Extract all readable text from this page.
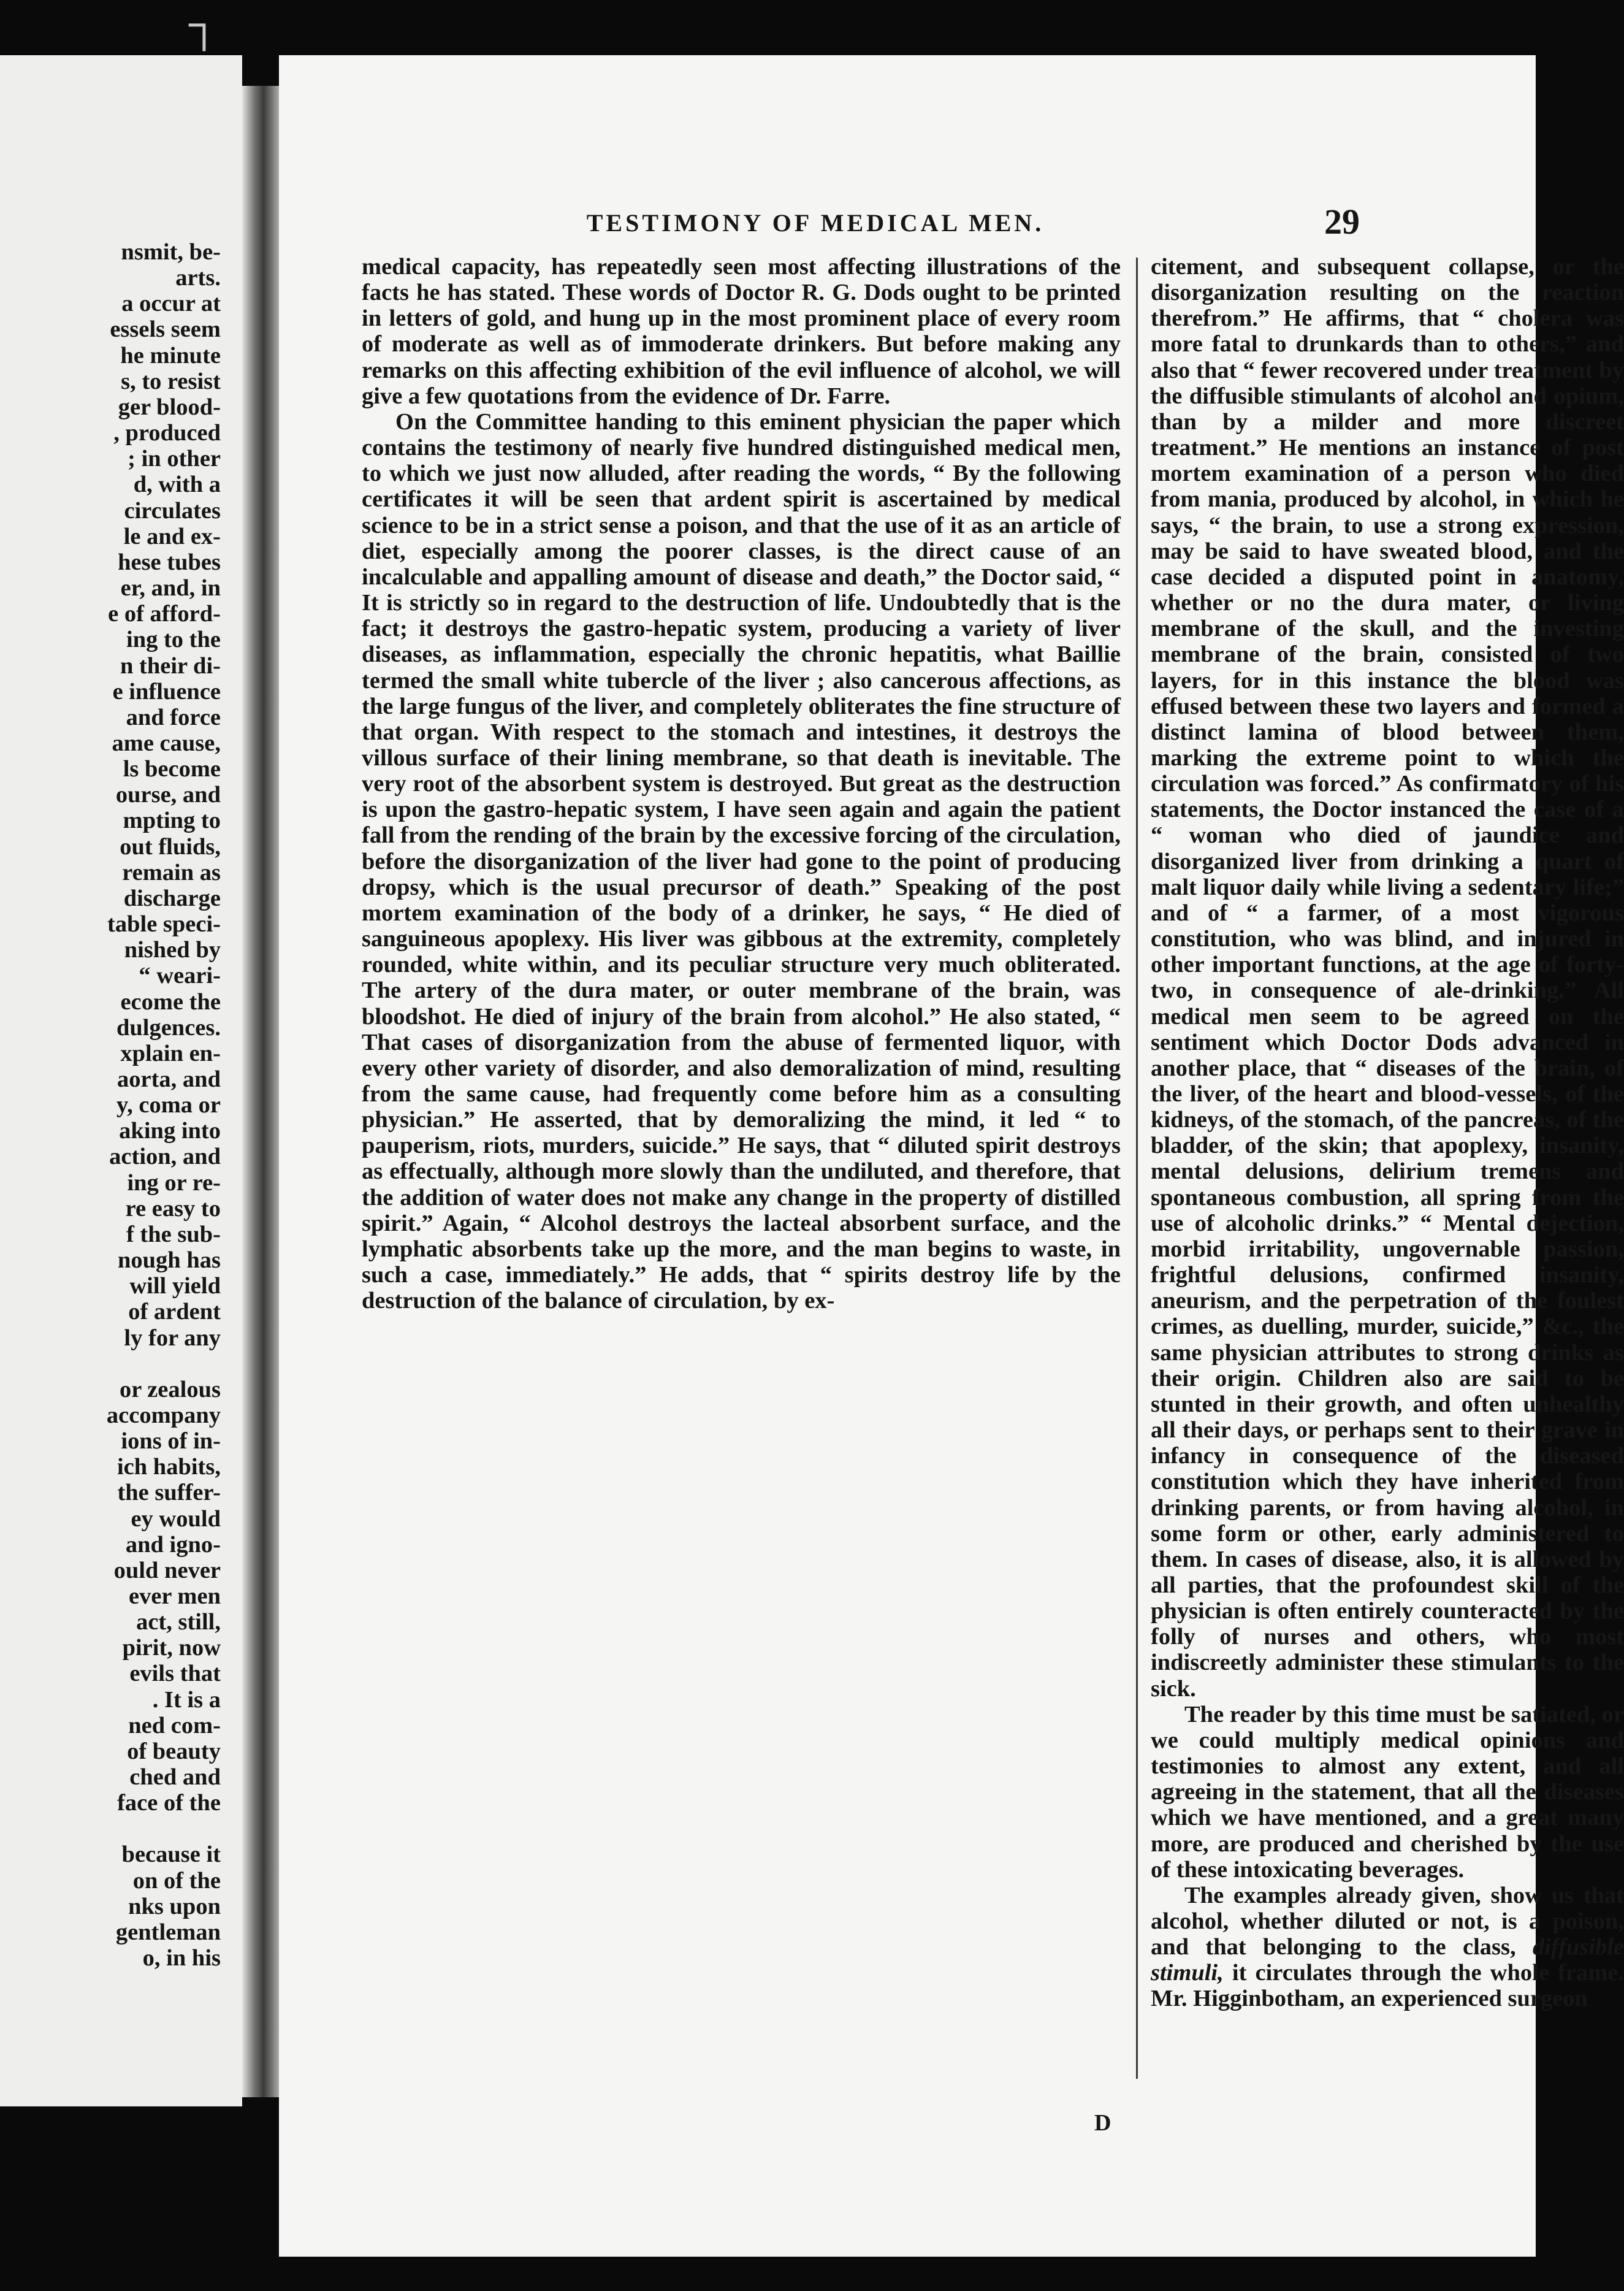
┐
nsmit, be-
arts.
a occur at
essels seem
he minute
s, to resist
ger blood-
, produced
; in other
d, with a
circulates
le and ex-
hese tubes
er, and, in
e of afford-
ing to the
n their di-
e influence
and force
ame cause,
ls become
ourse, and
mpting to
out fluids,
remain as
discharge
table speci-
nished by
“ weari-
ecome the
dulgences.
xplain en-
aorta, and
y, coma or
aking into
action, and
ing or re-
re easy to
f the sub-
nough has
will yield
of ardent
ly for any
or zealous
accompany
ions of in-
ich habits,
the suffer-
ey would
and igno-
ould never
ever men
act, still,
pirit, now
evils that
. It is a
ned com-
of beauty
ched and
face of the
because it
on of the
nks upon
gentleman
o, in his
TESTIMONY OF MEDICAL MEN.	29

medical capacity, has repeatedly seen most affecting illustrations of the facts he has stated. These words of Doctor R. G. Dods ought to be printed in letters of gold, and hung up in the most prominent place of every room of moderate as well as of immoderate drinkers. But before making any remarks on this affecting exhibition of the evil influence of alcohol, we will give a few quotations from the evidence of Dr. Farre.

On the Committee handing to this eminent physician the paper which contains the testimony of nearly five hundred distinguished medical men, to which we just now alluded, after reading the words, “ By the following certificates it will be seen that ardent spirit is ascertained by medical science to be in a strict sense a poison, and that the use of it as an article of diet, especially among the poorer classes, is the direct cause of an incalculable and appalling amount of disease and death,” the Doctor said, “ It is strictly so in regard to the destruction of life. Undoubtedly that is the fact; it destroys the gastro-hepatic system, producing a variety of liver diseases, as inflammation, especially the chronic hepatitis, what Baillie termed the small white tubercle of the liver ; also cancerous affections, as the large fungus of the liver, and completely obliterates the fine structure of that organ. With respect to the stomach and intestines, it destroys the villous surface of their lining membrane, so that death is inevitable. The very root of the absorbent system is destroyed. But great as the destruction is upon the gastro-hepatic system, I have seen again and again the patient fall from the rending of the brain by the excessive forcing of the circulation, before the disorganization of the liver had gone to the point of producing dropsy, which is the usual precursor of death.” Speaking of the post mortem examination of the body of a drinker, he says, “ He died of sanguineous apoplexy. His liver was gibbous at the extremity, completely rounded, white within, and its peculiar structure very much obliterated. The artery of the dura mater, or outer membrane of the brain, was bloodshot. He died of injury of the brain from alcohol.” He also stated, “ That cases of disorganization from the abuse of fermented liquor, with every other variety of disorder, and also demoralization of mind, resulting from the same cause, had frequently come before him as a consulting physician.” He asserted, that by demoralizing the mind, it led “ to pauperism, riots, murders, suicide.” He says, that “ diluted spirit destroys as effectually, although more slowly than the undiluted, and therefore, that the addition of water does not make any change in the property of distilled spirit.” Again, “ Alcohol destroys the lacteal absorbent surface, and the lymphatic absorbents take up the more, and the man begins to waste, in such a case, immediately.” He adds, that “ spirits destroy life by the destruction of the balance of circulation, by ex-

citement, and subsequent collapse, or the disorganization resulting on the reaction therefrom.” He affirms, that “ cholera was more fatal to drunkards than to others,” and also that “ fewer recovered under treatment by the diffusible stimulants of alcohol and opium, than by a milder and more discreet treatment.” He mentions an instance of post mortem examination of a person who died from mania, produced by alcohol, in which he says, “ the brain, to use a strong expression, may be said to have sweated blood, and the case decided a disputed point in anatomy, whether or no the dura mater, or living membrane of the skull, and the investing membrane of the brain, consisted of two layers, for in this instance the blood was effused between these two layers and formed a distinct lamina of blood between them, marking the extreme point to which the circulation was forced.” As confirmatory of his statements, the Doctor instanced the case of a “ woman who died of jaundice and disorganized liver from drinking a quart of malt liquor daily while living a sedentary life;” and of “ a farmer, of a most vigorous constitution, who was blind, and injured in other important functions, at the age of forty-two, in consequence of ale-drinking.” All medical men seem to be agreed on the sentiment which Doctor Dods advanced in another place, that “ diseases of the brain, of the liver, of the heart and blood-vessels, of the kidneys, of the stomach, of the pancreas, of the bladder, of the skin; that apoplexy, insanity, mental delusions, delirium tremens and spontaneous combustion, all spring from the use of alcoholic drinks.” “ Mental dejection, morbid irritability, ungovernable passion, frightful delusions, confirmed insanity, aneurism, and the perpetration of the foulest crimes, as duelling, murder, suicide,” &c., the same physician attributes to strong drinks as their origin. Children also are said to be stunted in their growth, and often unhealthy all their days, or perhaps sent to their grave in infancy in consequence of the diseased constitution which they have inherited from drinking parents, or from having alcohol, in some form or other, early administered to them. In cases of disease, also, it is allowed by all parties, that the profoundest skill of the physician is often entirely counteracted by the folly of nurses and others, who most indiscreetly administer these stimulants to the sick.

The reader by this time must be satiated, or we could multiply medical opinions and testimonies to almost any extent, and all agreeing in the statement, that all the diseases which we have mentioned, and a great many more, are produced and cherished by the use of these intoxicating beverages.

The examples already given, show us that alcohol, whether diluted or not, is a poison, and that belonging to the class, diffusible stimuli, it circulates through the whole frame. Mr. Higginbotham, an experienced surgeon

D
